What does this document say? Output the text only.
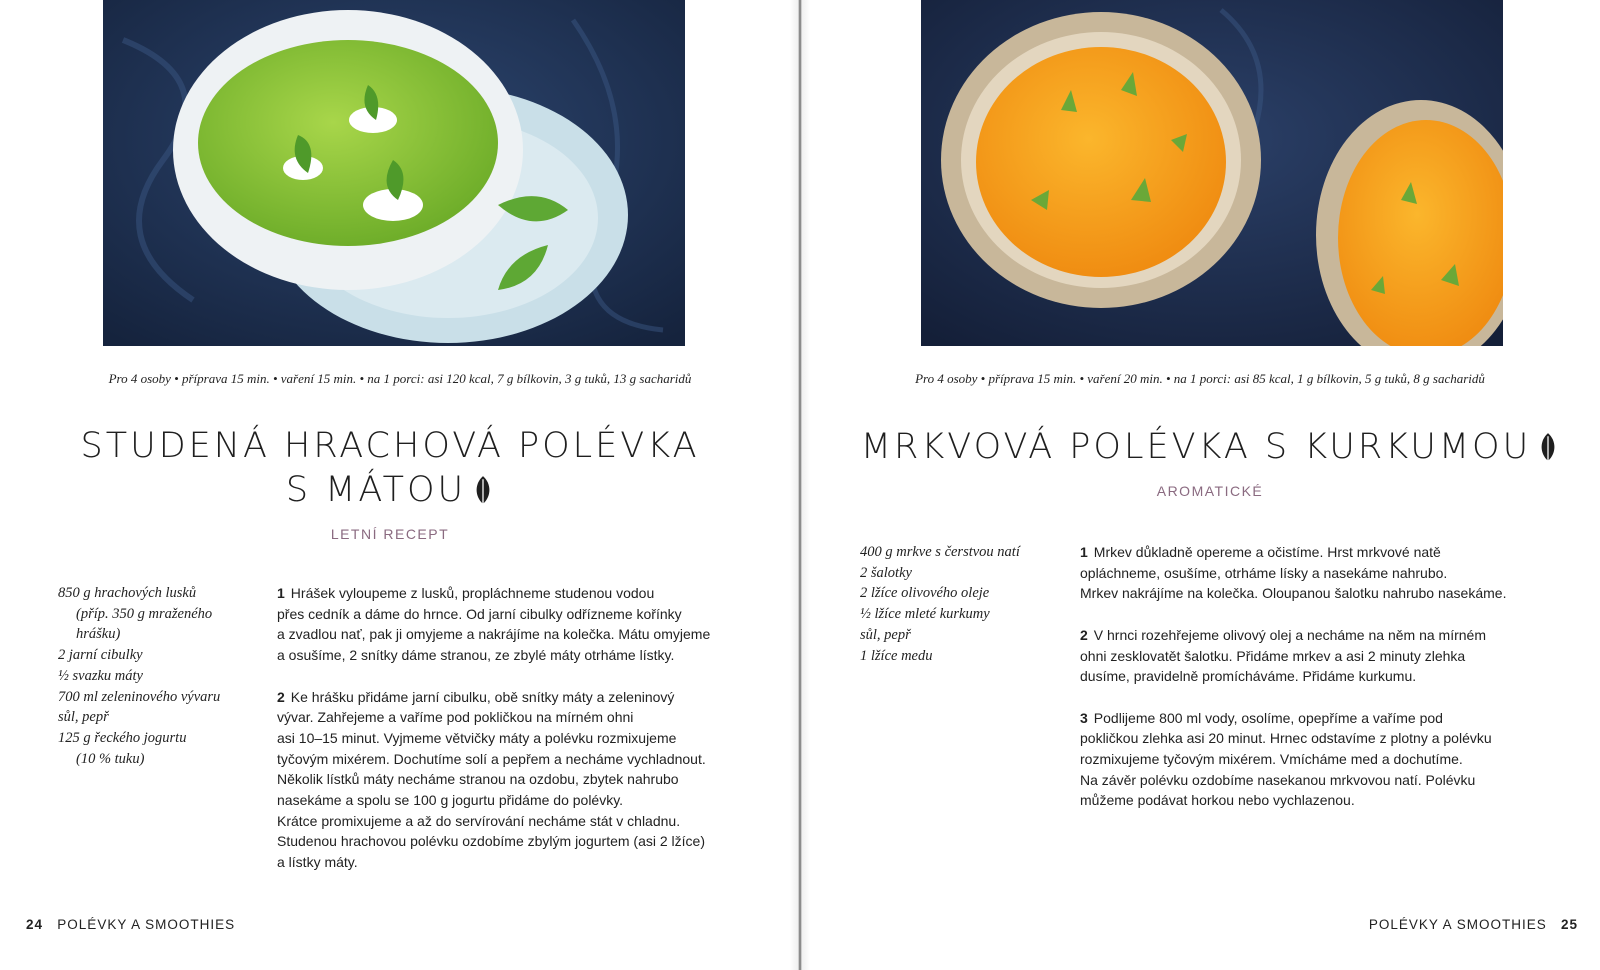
Pro 4 osoby • příprava 15 min. • vaření 15 min. • na 1 porci: asi 120 kcal, 7 g bílkovin, 3 g tuků, 13 g sacharidů
STUDENÁ HRACHOVÁ POLÉVKA
S MÁTOU
LETNÍ RECEPT
850 g hrachových lusků
(příp. 350 g mraženého
hrášku)
2 jarní cibulky
½ svazku máty
700 ml zeleninového vývaru
sůl, pepř
125 g řeckého jogurtu
(10 % tuku)
1 Hrášek vyloupeme z lusků, propláchneme studenou vodou
přes cedník a dáme do hrnce. Od jarní cibulky odřízneme kořínky
a zvadlou nať, pak ji omyjeme a nakrájíme na kolečka. Mátu omyjeme
a osušíme, 2 snítky dáme stranou, ze zbylé máty otrháme lístky.
2 Ke hrášku přidáme jarní cibulku, obě snítky máty a zeleninový
vývar. Zahřejeme a vaříme pod pokličkou na mírném ohni
asi 10–15 minut. Vyjmeme větvičky máty a polévku rozmixujeme
tyčovým mixérem. Dochutíme solí a pepřem a necháme vychladnout.
Několik lístků máty necháme stranou na ozdobu, zbytek nahrubo
nasekáme a spolu se 100 g jogurtu přidáme do polévky.
Krátce promixujeme a až do servírování necháme stát v chladnu.
Studenou hrachovou polévku ozdobíme zbylým jogurtem (asi 2 lžíce)
a lístky máty.
24 POLÉVKY A SMOOTHIES
Pro 4 osoby • příprava 15 min. • vaření 20 min. • na 1 porci: asi 85 kcal, 1 g bílkovin, 5 g tuků, 8 g sacharidů
MRKVOVÁ POLÉVKA S KURKUMOU
AROMATICKÉ
400 g mrkve s čerstvou natí
2 šalotky
2 lžíce olivového oleje
½ lžíce mleté kurkumy
sůl, pepř
1 lžíce medu
1 Mrkev důkladně opereme a očistíme. Hrst mrkvové natě
opláchneme, osušíme, otrháme lísky a nasekáme nahrubo.
Mrkev nakrájíme na kolečka. Oloupanou šalotku nahrubo nasekáme.
2 V hrnci rozehřejeme olivový olej a necháme na něm na mírném
ohni zesklovatět šalotku. Přidáme mrkev a asi 2 minuty zlehka
dusíme, pravidelně promícháváme. Přidáme kurkumu.
3 Podlijeme 800 ml vody, osolíme, opepříme a vaříme pod
pokličkou zlehka asi 20 minut. Hrnec odstavíme z plotny a polévku
rozmixujeme tyčovým mixérem. Vmícháme med a dochutíme.
Na závěr polévku ozdobíme nasekanou mrkvovou natí. Polévku
můžeme podávat horkou nebo vychlazenou.
POLÉVKY A SMOOTHIES 25
